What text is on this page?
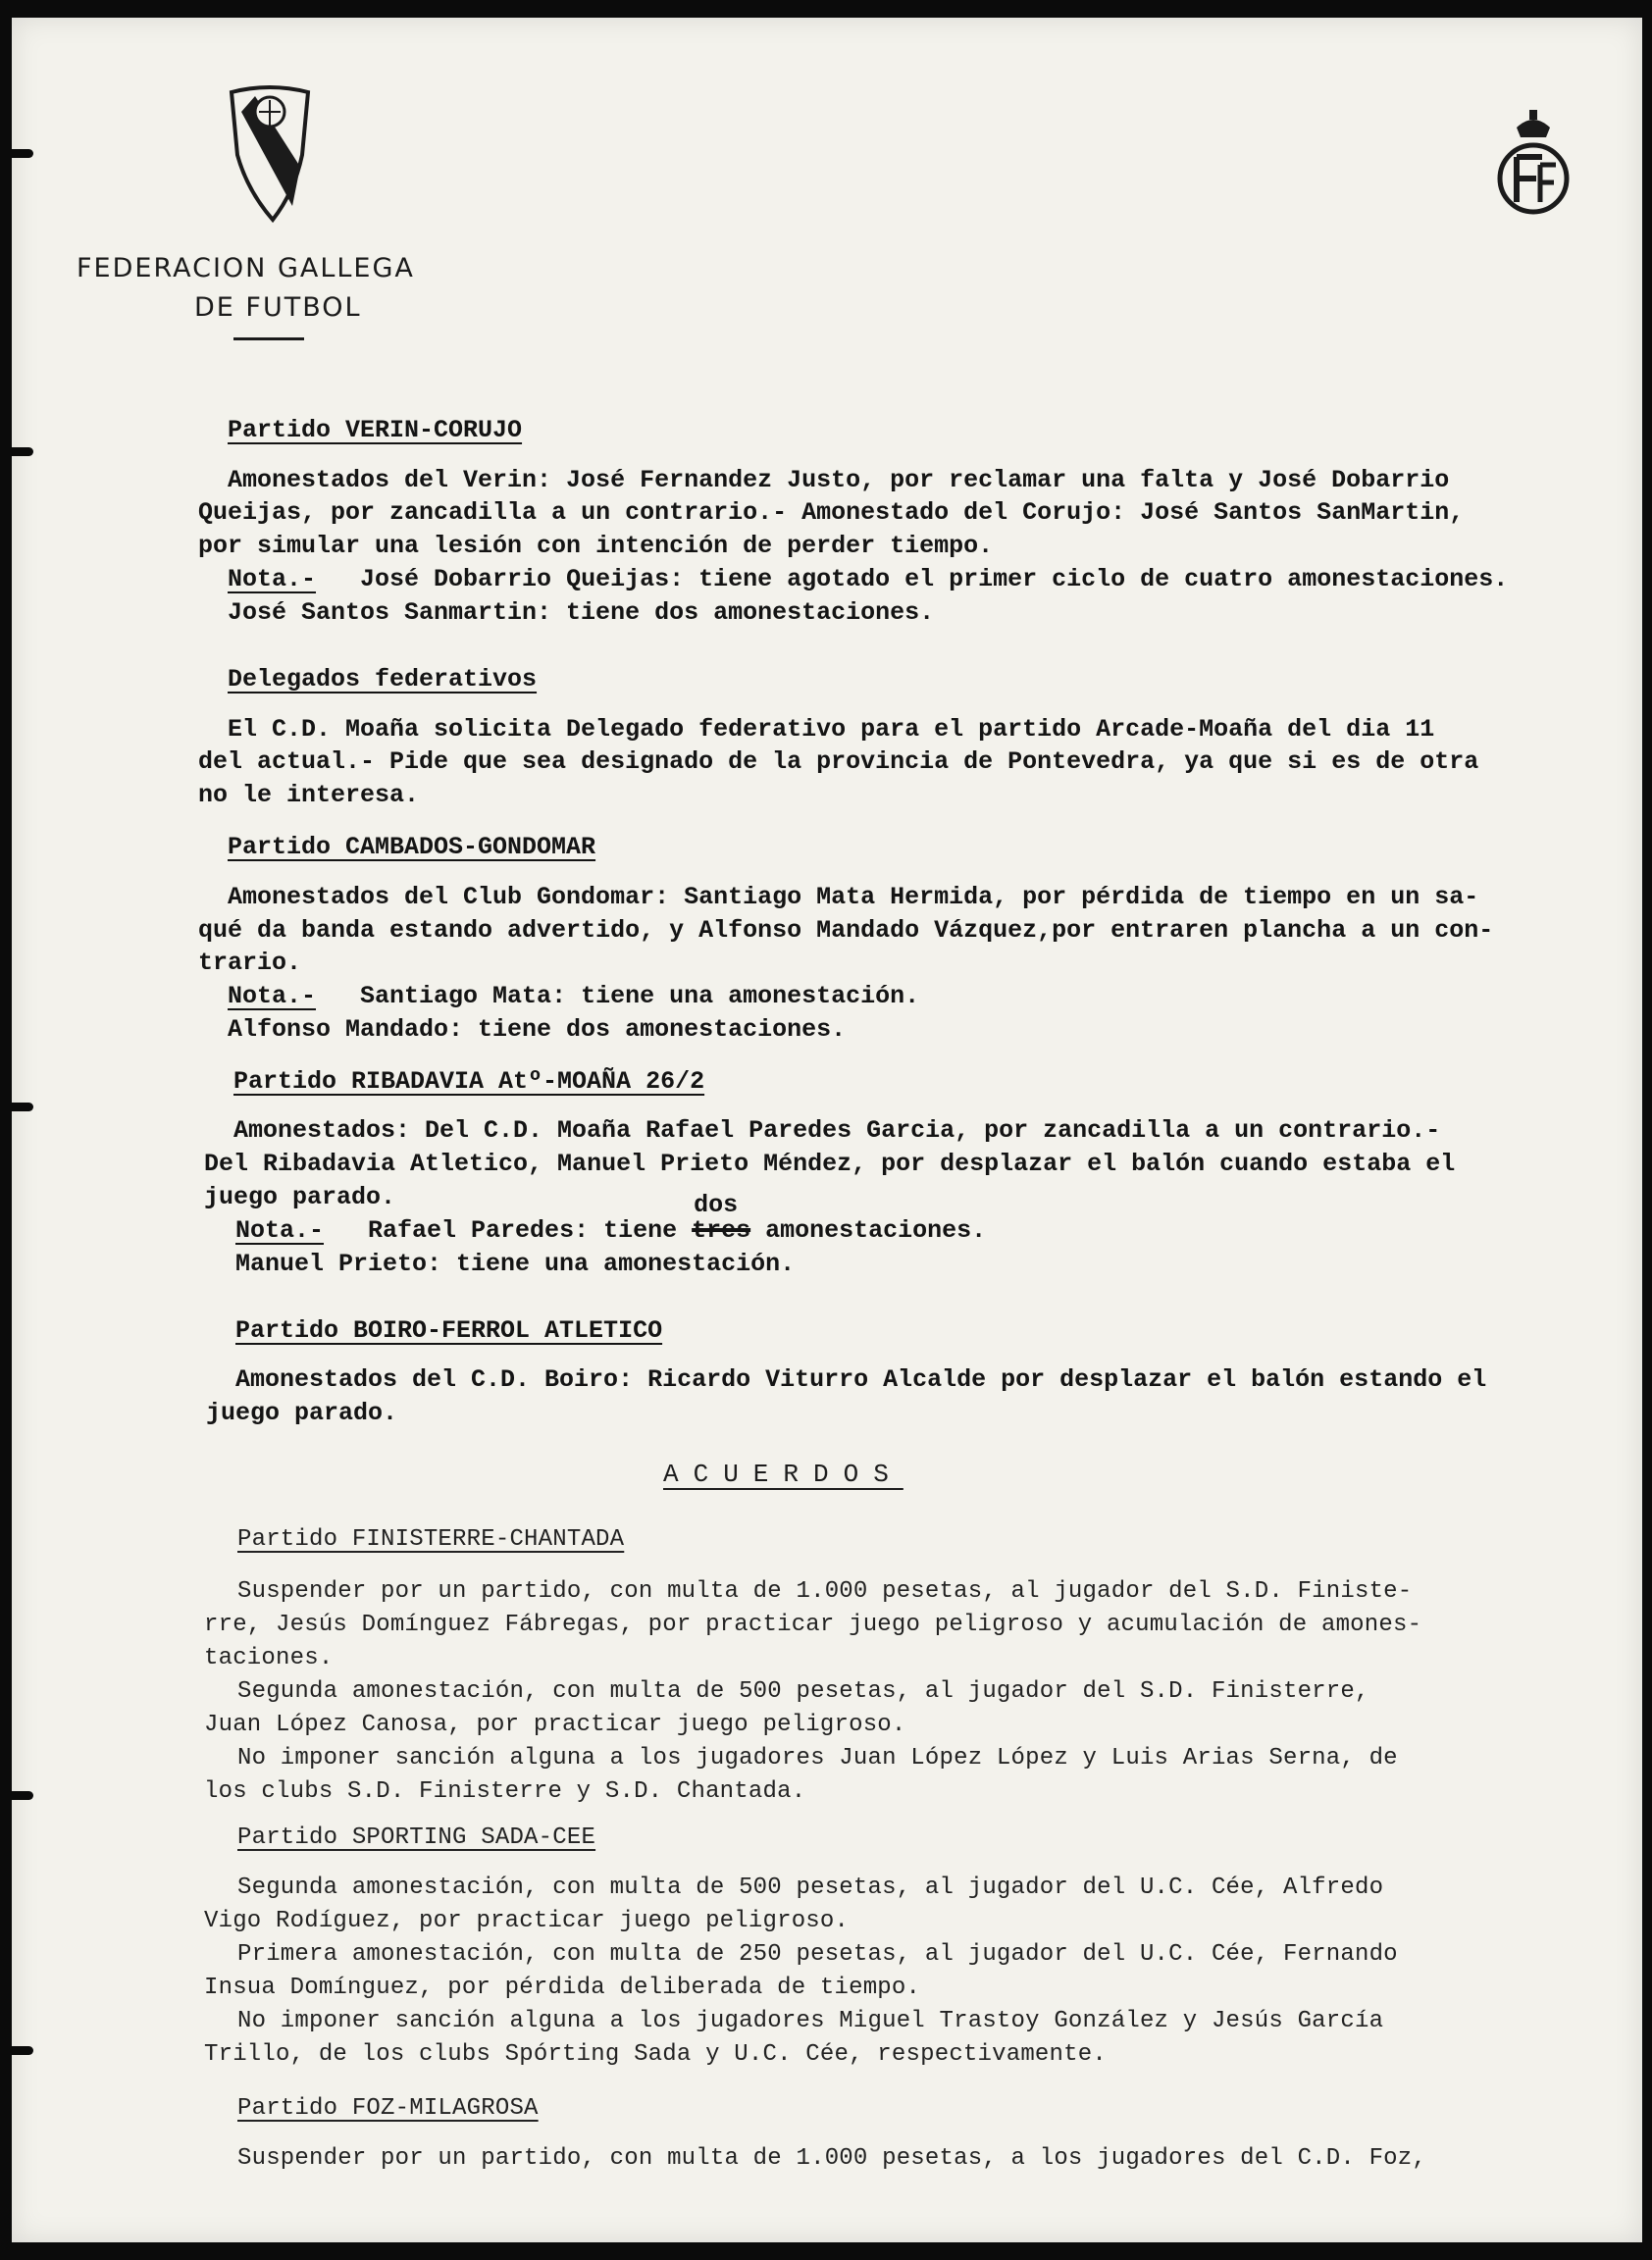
FEDERACION GALLEGA
DE FUTBOL
Partido VERIN-CORUJO
Amonestados del Verin: José Fernandez Justo, por reclamar una falta y José Dobarrio
Queijas, por zancadilla a un contrario.- Amonestado del Corujo: José Santos SanMartin,
por simular una lesión con intención de perder tiempo.
Nota.- José Dobarrio Queijas: tiene agotado el primer ciclo de cuatro amonestaciones.
José Santos Sanmartin: tiene dos amonestaciones.
Delegados federativos
El C.D. Moaña solicita Delegado federativo para el partido Arcade-Moaña del dia 11
del actual.- Pide que sea designado de la provincia de Pontevedra, ya que si es de otra
no le interesa.
Partido CAMBADOS-GONDOMAR
Amonestados del Club Gondomar: Santiago Mata Hermida, por pérdida de tiempo en un sa-
qué da banda estando advertido, y Alfonso Mandado Vázquez,por entraren plancha a un con-
trario.
Nota.- Santiago Mata: tiene una amonestación.
Alfonso Mandado: tiene dos amonestaciones.
Partido RIBADAVIA Atº-MOAÑA 26/2
Amonestados: Del C.D. Moaña Rafael Paredes Garcia, por zancadilla a un contrario.-
Del Ribadavia Atletico, Manuel Prieto Méndez, por desplazar el balón cuando estaba el
juego parado.
Nota.- Rafael Paredes: tiene
dos
tres amonestaciones.
Manuel Prieto: tiene una amonestación.
Partido BOIRO-FERROL ATLETICO
Amonestados del C.D. Boiro: Ricardo Viturro Alcalde por desplazar el balón estando el
juego parado.
ACUERDOS
Partido FINISTERRE-CHANTADA
Suspender por un partido, con multa de 1.000 pesetas, al jugador del S.D. Finiste-
rre, Jesús Domínguez Fábregas, por practicar juego peligroso y acumulación de amones-
taciones.
Segunda amonestación, con multa de 500 pesetas, al jugador del S.D. Finisterre,
Juan López Canosa, por practicar juego peligroso.
No imponer sanción alguna a los jugadores Juan López López y Luis Arias Serna, de
los clubs S.D. Finisterre y S.D. Chantada.
Partido SPORTING SADA-CEE
Segunda amonestación, con multa de 500 pesetas, al jugador del U.C. Cée, Alfredo
Vigo Rodíguez, por practicar juego peligroso.
Primera amonestación, con multa de 250 pesetas, al jugador del U.C. Cée, Fernando
Insua Domínguez, por pérdida deliberada de tiempo.
No imponer sanción alguna a los jugadores Miguel Trastoy González y Jesús García
Trillo, de los clubs Spórting Sada y U.C. Cée, respectivamente.
Partido FOZ-MILAGROSA
Suspender por un partido, con multa de 1.000 pesetas, a los jugadores del C.D. Foz,
